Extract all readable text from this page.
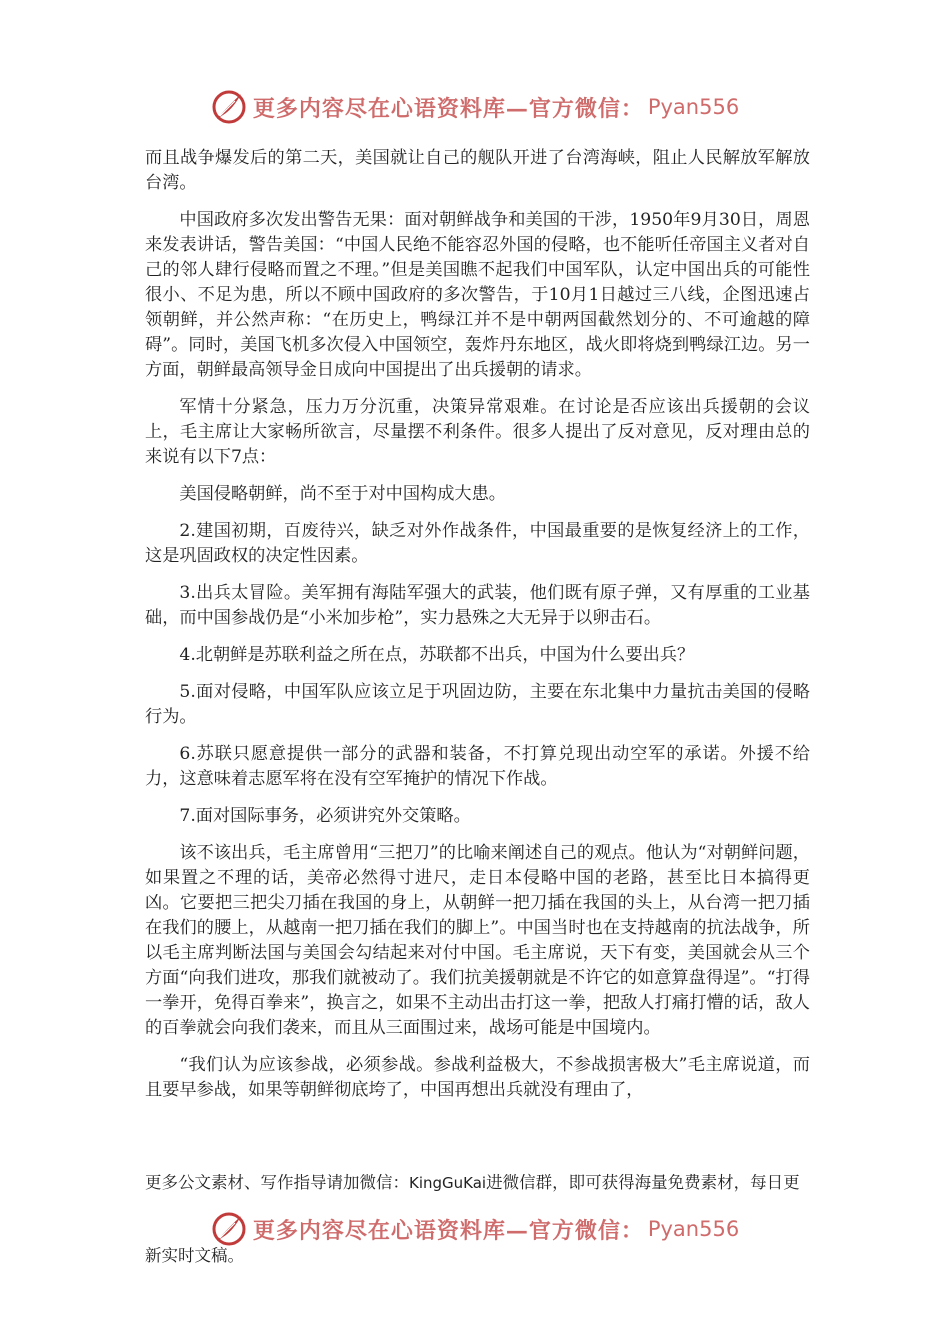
更多内容尽在心语资料库—官方微信： Pyan556

而且战争爆发后的第二天，美国就让自己的舰队开进了台湾海峡，阻止人民解放军解放台湾。

中国政府多次发出警告无果：面对朝鲜战争和美国的干涉，1950年9月30日，周恩来发表讲话，警告美国：“中国人民绝不能容忍外国的侵略，也不能听任帝国主义者对自己的邻人肆行侵略而置之不理。”但是美国瞧不起我们中国军队，认定中国出兵的可能性很小、不足为患，所以不顾中国政府的多次警告，于10月1日越过三八线，企图迅速占领朝鲜，并公然声称：“在历史上，鸭绿江并不是中朝两国截然划分的、不可逾越的障碍”。同时，美国飞机多次侵入中国领空，轰炸丹东地区，战火即将烧到鸭绿江边。另一方面，朝鲜最高领导金日成向中国提出了出兵援朝的请求。

军情十分紧急，压力万分沉重，决策异常艰难。在讨论是否应该出兵援朝的会议上，毛主席让大家畅所欲言，尽量摆不利条件。很多人提出了反对意见，反对理由总的来说有以下7点：

美国侵略朝鲜，尚不至于对中国构成大患。

2.建国初期，百废待兴，缺乏对外作战条件，中国最重要的是恢复经济上的工作，这是巩固政权的决定性因素。

3.出兵太冒险。美军拥有海陆军强大的武装，他们既有原子弹，又有厚重的工业基础，而中国参战仍是“小米加步枪”，实力悬殊之大无异于以卵击石。

4.北朝鲜是苏联利益之所在点，苏联都不出兵，中国为什么要出兵？

5.面对侵略，中国军队应该立足于巩固边防，主要在东北集中力量抗击美国的侵略行为。

6.苏联只愿意提供一部分的武器和装备，不打算兑现出动空军的承诺。外援不给力，这意味着志愿军将在没有空军掩护的情况下作战。

7.面对国际事务，必须讲究外交策略。

该不该出兵，毛主席曾用“三把刀”的比喻来阐述自己的观点。他认为“对朝鲜问题，如果置之不理的话，美帝必然得寸进尺，走日本侵略中国的老路，甚至比日本搞得更凶。它要把三把尖刀插在我国的身上，从朝鲜一把刀插在我国的头上，从台湾一把刀插在我们的腰上，从越南一把刀插在我们的脚上”。中国当时也在支持越南的抗法战争，所以毛主席判断法国与美国会勾结起来对付中国。毛主席说，天下有变，美国就会从三个方面“向我们进攻，那我们就被动了。我们抗美援朝就是不许它的如意算盘得逞”。“打得一拳开，免得百拳来”，换言之，如果不主动出击打这一拳，把敌人打痛打懵的话，敌人的百拳就会向我们袭来，而且从三面围过来，战场可能是中国境内。

“我们认为应该参战，必须参战。参战利益极大，不参战损害极大”毛主席说道，而且要早参战，如果等朝鲜彻底垮了，中国再想出兵就没有理由了，

更多公文素材、写作指导请加微信：KingGuKai进微信群，即可获得海量免费素材，每日更
更多内容尽在心语资料库—官方微信： Pyan556
新实时文稿。
